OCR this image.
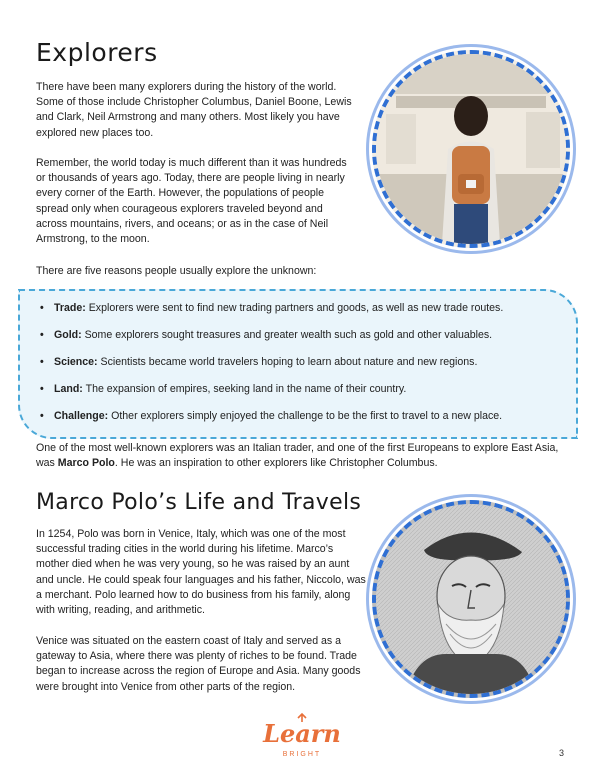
Explorers

There have been many explorers during the history of the world. Some of those include Christopher Columbus, Daniel Boone, Lewis and Clark, Neil Armstrong and many others. Most likely you have explored new places too.

Remember, the world today is much different than it was hundreds or thousands of years ago. Today, there are people living in nearly every corner of the Earth. However, the populations of people spread only when courageous explorers traveled beyond and across mountains, rivers, and oceans; or as in the case of Neil Armstrong, to the moon.

There are five reasons people usually explore the unknown:

• Trade: Explorers were sent to find new trading partners and goods, as well as new trade routes.
• Gold: Some explorers sought treasures and greater wealth such as gold and other valuables.
• Science: Scientists became world travelers hoping to learn about nature and new regions.
• Land: The expansion of empires, seeking land in the name of their country.
• Challenge: Other explorers simply enjoyed the challenge to be the first to travel to a new place.

One of the most well-known explorers was an Italian trader, and one of the first Europeans to explore East Asia, was Marco Polo. He was an inspiration to other explorers like Christopher Columbus.

Marco Polo’s Life and Travels

In 1254, Polo was born in Venice, Italy, which was one of the most successful trading cities in the world during his lifetime. Marco’s mother died when he was very young, so he was raised by an aunt and uncle. He could speak four languages and his father, Niccolo, was a merchant. Polo learned how to do business from his family, along with writing, reading, and arithmetic.

Venice was situated on the eastern coast of Italy and served as a gateway to Asia, where there was plenty of riches to be found. Trade began to increase across the region of Europe and Asia. Many goods were brought into Venice from other parts of the region.

Learn
BRIGHT	3
